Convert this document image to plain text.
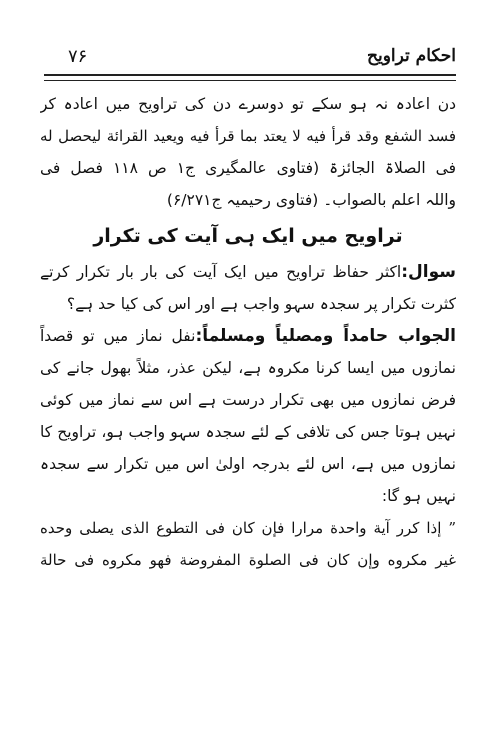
احکام تراویح
۷۶
دن اعادہ نہ ہو سکے تو دوسرے دن کی تراویح میں اعادہ کر
فسد الشفع وقد قرأ فيه لا يعتد بما قرأ فيه ويعيد القرائة ليحصل له
فی الصلاۃ الجائزۃ (فتاوی عالمگیری ج۱ ص ۱۱۸ فصل فی
واللہ اعلم بالصواب۔ (فتاوی رحیمیہ ج۶/۲۷۱)
تراویح میں ایک ہی آیت کی تکرار
سوال:اکثر حفاظ تراویح میں ایک آیت کی بار بار تکرار کرتے
کثرت تکرار پر سجدہ سہو واجب ہے اور اس کی کیا حد ہے؟
الجواب حامداً ومصلیاً ومسلماً:نفل نماز میں تو قصداً
نمازوں میں ایسا کرنا مکروہ ہے، لیکن عذر، مثلاً بھول جانے کی
فرض نمازوں میں بھی تکرار درست ہے اس سے نماز میں کوئی
نہیں ہوتا جس کی تلافی کے لئے سجدہ سہو واجب ہو، تراویح کا
نمازوں میں ہے، اس لئے بدرجہ اولیٰ اس میں تکرار سے سجدہ
نہیں ہو گا:
” إذا كرر آية واحدة مرارا فإن كان فى التطوع الذى يصلى وحده
غير مكروه وإن كان فى الصلوة المفروضة فهو مكروه فى حالة
